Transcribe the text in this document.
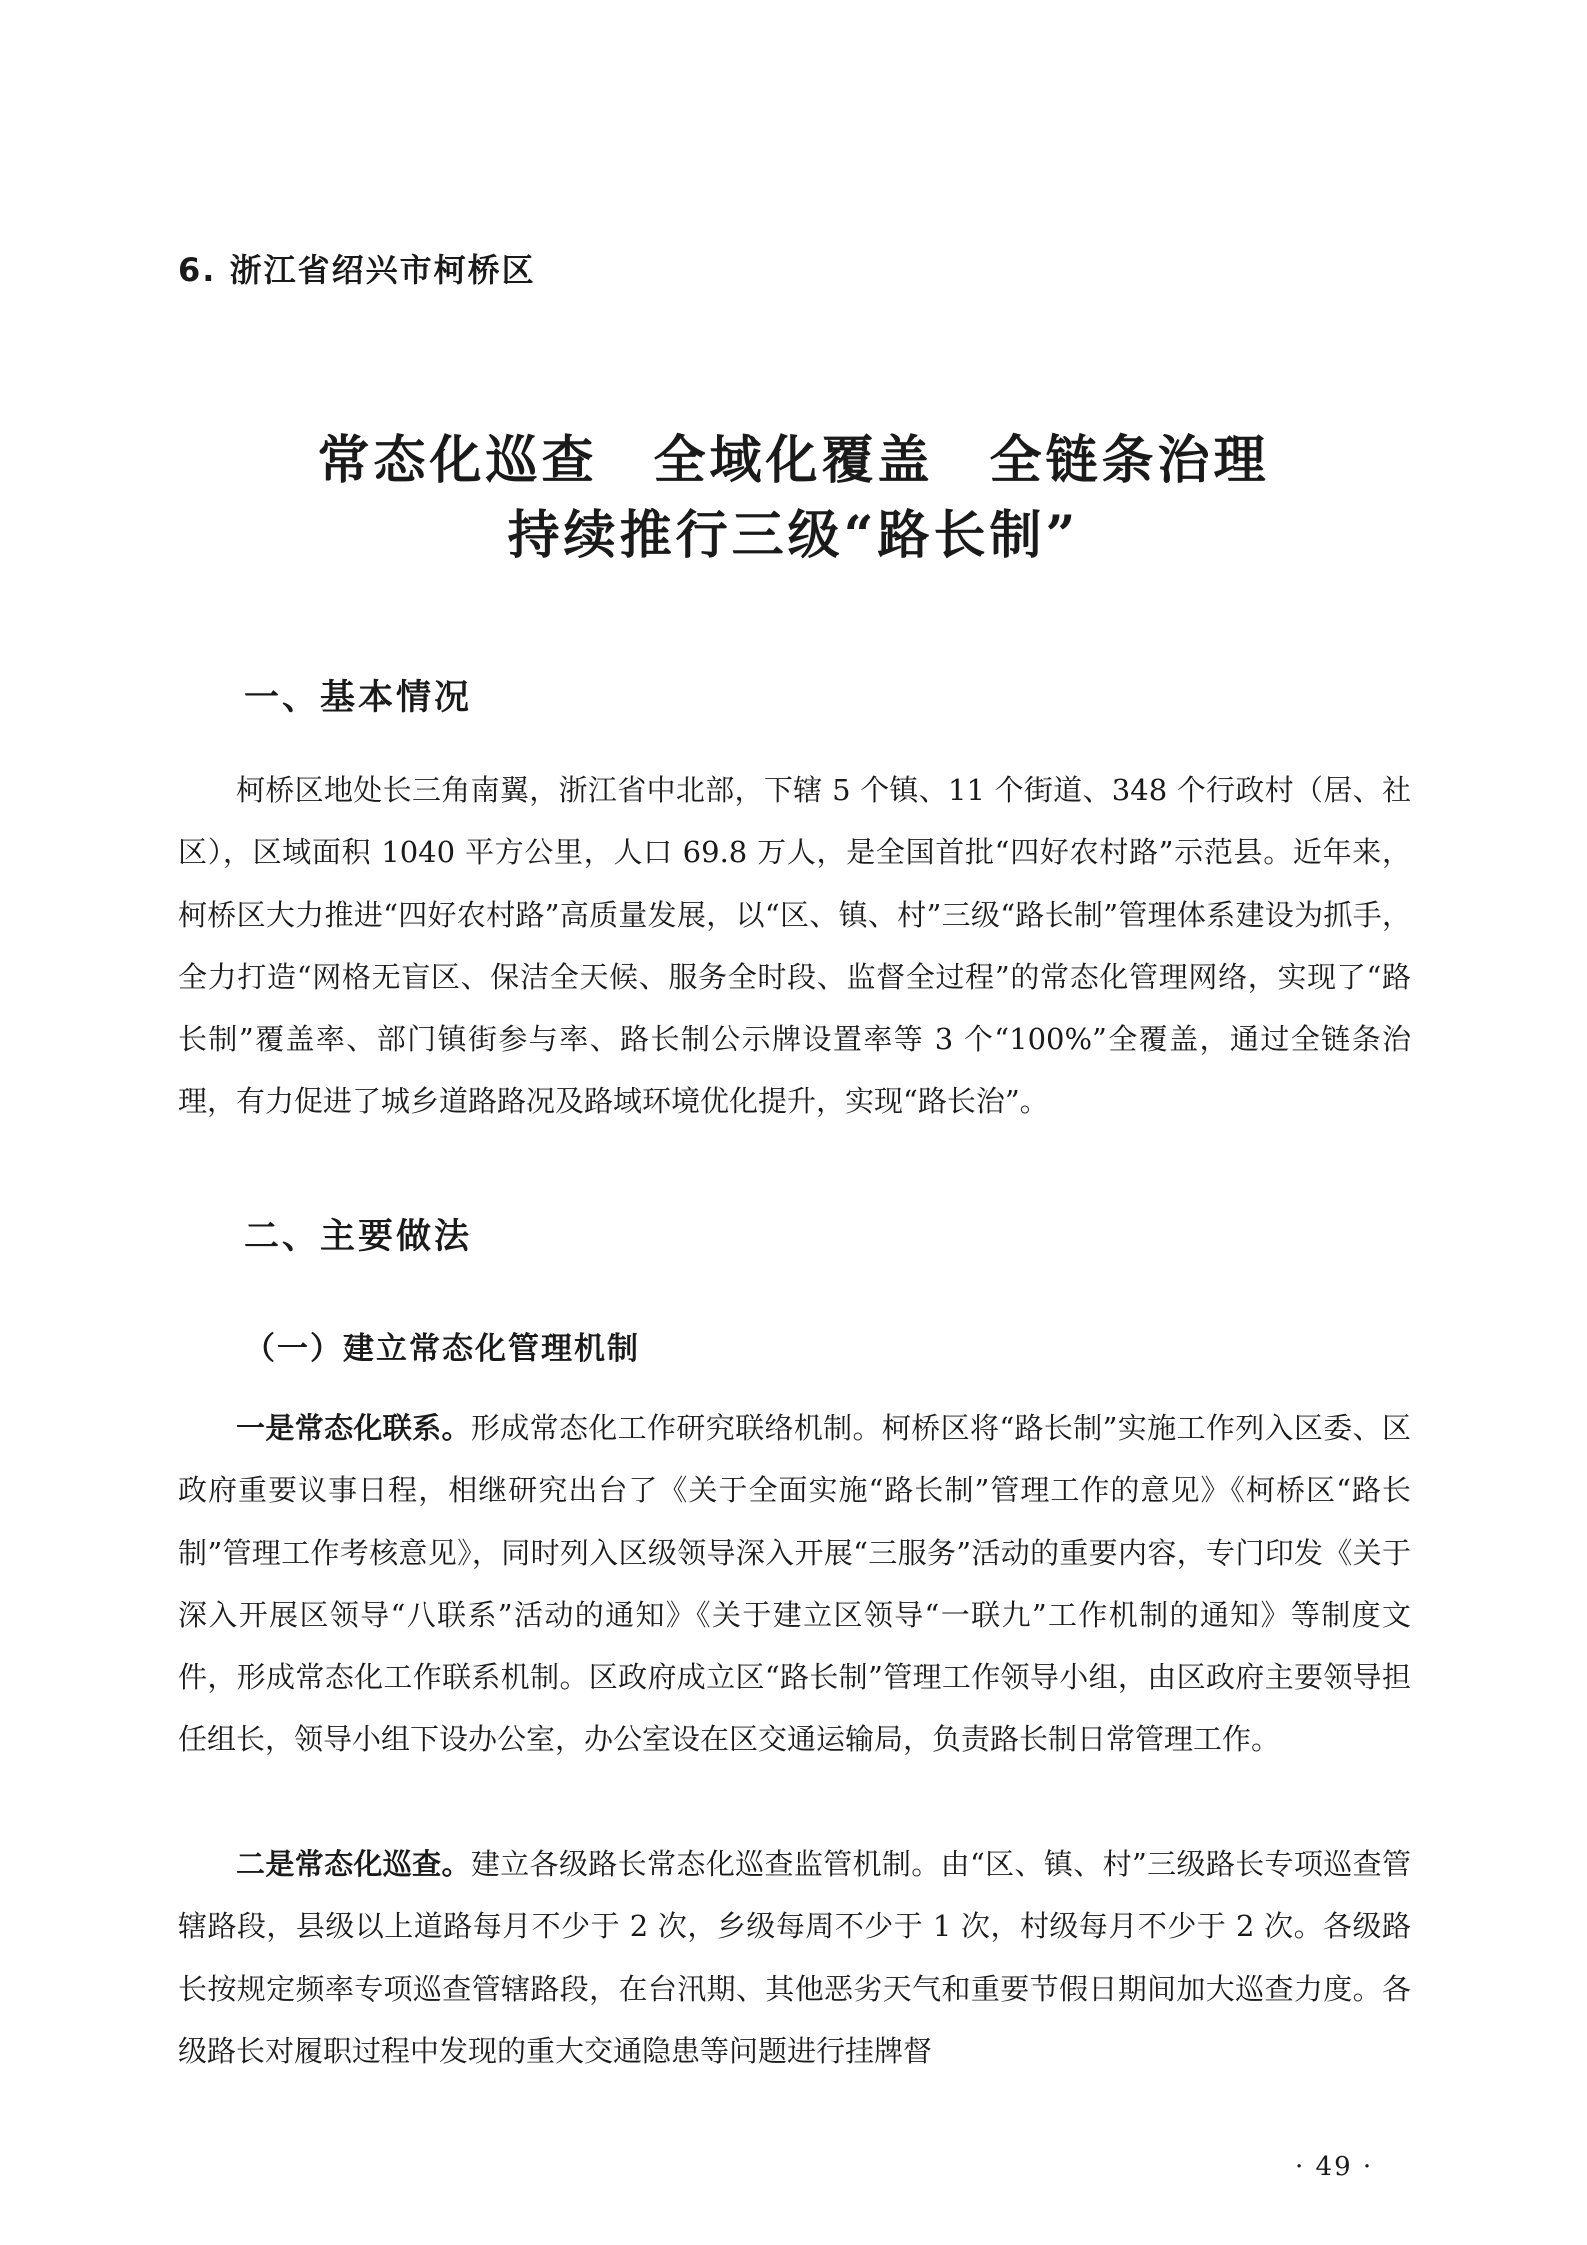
6. 浙江省绍兴市柯桥区
常态化巡查　全域化覆盖　全链条治理
持续推行三级“路长制”
一、基本情况

柯桥区地处长三角南翼，浙江省中北部，下辖 5 个镇、11 个街道、348 个行政村（居、社区），区域面积 1040 平方公里，人口 69.8 万人，是全国首批“四好农村路”示范县。近年来，柯桥区大力推进“四好农村路”高质量发展，以“区、镇、村”三级“路长制”管理体系建设为抓手，全力打造“网格无盲区、保洁全天候、服务全时段、监督全过程”的常态化管理网络，实现了“路长制”覆盖率、部门镇街参与率、路长制公示牌设置率等 3 个“100%”全覆盖，通过全链条治理，有力促进了城乡道路路况及路域环境优化提升，实现“路长治”。

二、主要做法
（一）建立常态化管理机制

一是常态化联系。形成常态化工作研究联络机制。柯桥区将“路长制”实施工作列入区委、区政府重要议事日程，相继研究出台了《关于全面实施“路长制”管理工作的意见》《柯桥区“路长制”管理工作考核意见》，同时列入区级领导深入开展“三服务”活动的重要内容，专门印发《关于深入开展区领导“八联系”活动的通知》《关于建立区领导“一联九”工作机制的通知》等制度文件，形成常态化工作联系机制。区政府成立区“路长制”管理工作领导小组，由区政府主要领导担任组长，领导小组下设办公室，办公室设在区交通运输局，负责路长制日常管理工作。

二是常态化巡查。建立各级路长常态化巡查监管机制。由“区、镇、村”三级路长专项巡查管辖路段，县级以上道路每月不少于 2 次，乡级每周不少于 1 次，村级每月不少于 2 次。各级路长按规定频率专项巡查管辖路段，在台汛期、其他恶劣天气和重要节假日期间加大巡查力度。各级路长对履职过程中发现的重大交通隐患等问题进行挂牌督

· 49 ·
